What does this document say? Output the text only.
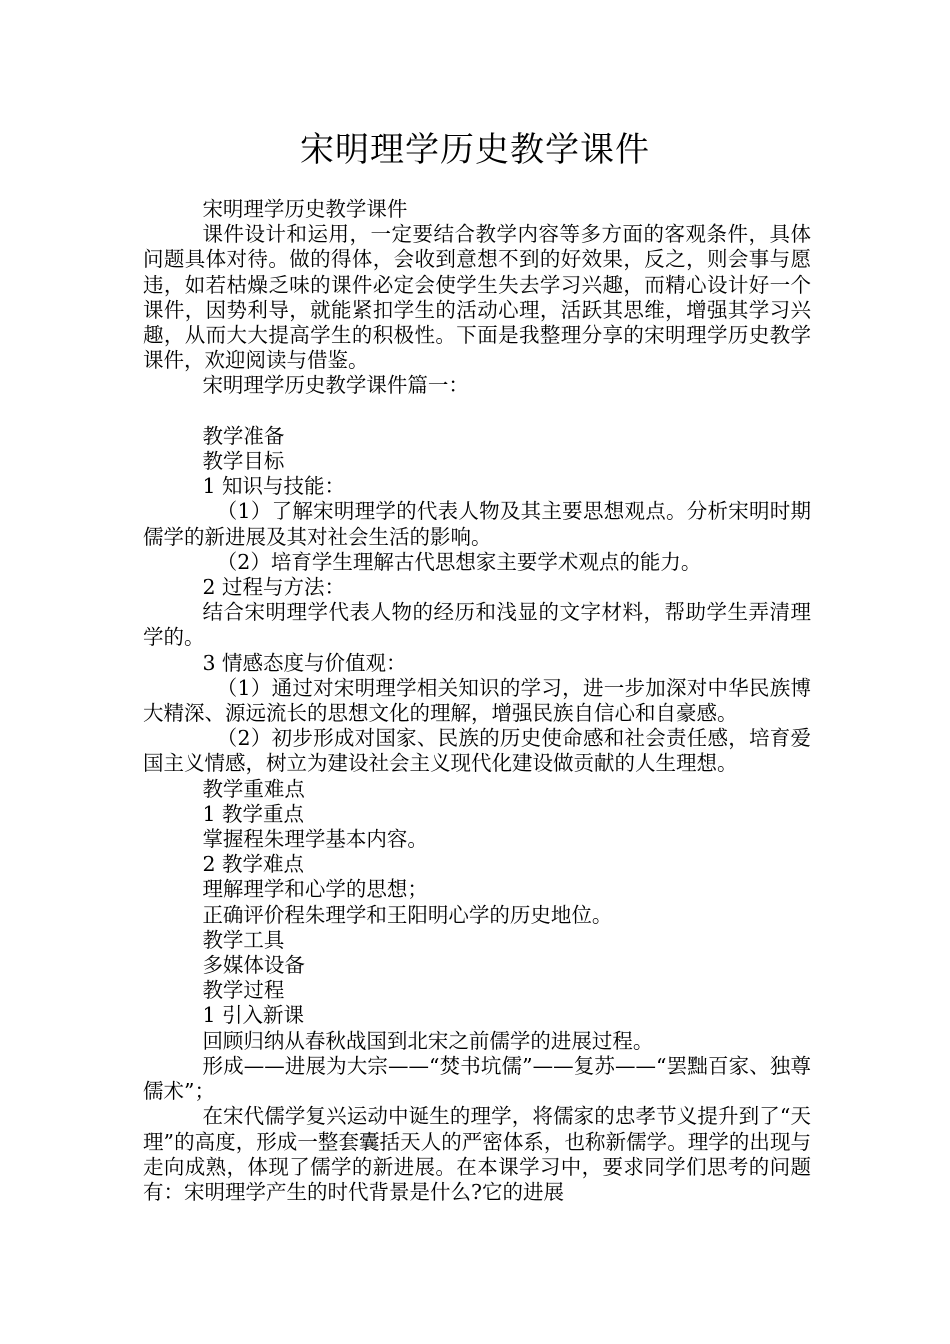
宋明理学历史教学课件

宋明理学历史教学课件

课件设计和运用，一定要结合教学内容等多方面的客观条件，具体问题具体对待。做的得体，会收到意想不到的好效果，反之，则会事与愿违，如若枯燥乏味的课件必定会使学生失去学习兴趣，而精心设计好一个课件，因势利导，就能紧扣学生的活动心理，活跃其思维，增强其学习兴趣，从而大大提高学生的积极性。下面是我整理分享的宋明理学历史教学课件，欢迎阅读与借鉴。

宋明理学历史教学课件篇一：

教学准备

教学目标

1 知识与技能：

（1）了解宋明理学的代表人物及其主要思想观点。分析宋明时期儒学的新进展及其对社会生活的影响。

（2）培育学生理解古代思想家主要学术观点的能力。

2 过程与方法：

结合宋明理学代表人物的经历和浅显的文字材料，帮助学生弄清理学的。

3 情感态度与价值观：

（1）通过对宋明理学相关知识的学习，进一步加深对中华民族博大精深、源远流长的思想文化的理解，增强民族自信心和自豪感。

（2）初步形成对国家、民族的历史使命感和社会责任感，培育爱国主义情感，树立为建设社会主义现代化建设做贡献的人生理想。

教学重难点

1 教学重点

掌握程朱理学基本内容。

2 教学难点

理解理学和心学的思想；

正确评价程朱理学和王阳明心学的历史地位。

教学工具

多媒体设备

教学过程

1 引入新课

回顾归纳从春秋战国到北宋之前儒学的进展过程。

形成——进展为大宗——“焚书坑儒”——复苏——“罢黜百家、独尊儒术”；

在宋代儒学复兴运动中诞生的理学，将儒家的忠孝节义提升到了“天理”的高度，形成一整套囊括天人的严密体系，也称新儒学。理学的出现与走向成熟，体现了儒学的新进展。在本课学习中，要求同学们思考的问题有：宋明理学产生的时代背景是什么?它的进展
